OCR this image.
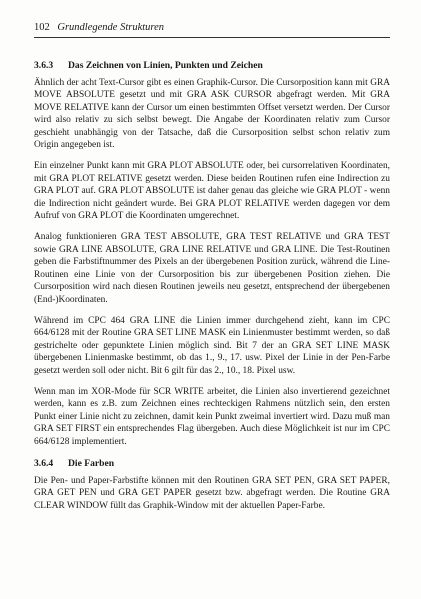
102 Grundlegende Strukturen
3.6.3 Das Zeichnen von Linien, Punkten und Zeichen

Ähnlich der acht Text-Cursor gibt es einen Graphik-Cursor. Die Cursorposition kann mit GRA MOVE ABSOLUTE gesetzt und mit GRA ASK CURSOR abgefragt werden. Mit GRA MOVE RELATIVE kann der Cursor um einen bestimmten Offset versetzt werden. Der Cursor wird also relativ zu sich selbst bewegt. Die Angabe der Koordinaten relativ zum Cursor geschieht unabhängig von der Tatsache, daß die Cursorposition selbst schon relativ zum Origin angegeben ist.

Ein einzelner Punkt kann mit GRA PLOT ABSOLUTE oder, bei cursorrelativen Koordinaten, mit GRA PLOT RELATIVE gesetzt werden. Diese beiden Routinen rufen eine Indirection zu GRA PLOT auf. GRA PLOT ABSOLUTE ist daher genau das gleiche wie GRA PLOT - wenn die Indirection nicht geändert wurde. Bei GRA PLOT RELATIVE werden dagegen vor dem Aufruf von GRA PLOT die Koordinaten umgerechnet.

Analog funktionieren GRA TEST ABSOLUTE, GRA TEST RELATIVE und GRA TEST sowie GRA LINE ABSOLUTE, GRA LINE RELATIVE und GRA LINE. Die Test-Routinen geben die Farbstiftnummer des Pixels an der übergebenen Position zurück, während die Line-Routinen eine Linie von der Cursorposition bis zur übergebenen Position ziehen. Die Cursorposition wird nach diesen Routinen jeweils neu gesetzt, entsprechend der übergebenen (End-)Koordinaten.

Während im CPC 464 GRA LINE die Linien immer durchgehend zieht, kann im CPC 664/6128 mit der Routine GRA SET LINE MASK ein Linienmuster bestimmt werden, so daß gestrichelte oder gepunktete Linien möglich sind. Bit 7 der an GRA SET LINE MASK übergebenen Linienmaske bestimmt, ob das 1., 9., 17. usw. Pixel der Linie in der Pen-Farbe gesetzt werden soll oder nicht. Bit 6 gilt für das 2., 10., 18. Pixel usw.

Wenn man im XOR-Mode für SCR WRITE arbeitet, die Linien also invertierend gezeichnet werden, kann es z.B. zum Zeichnen eines rechteckigen Rahmens nützlich sein, den ersten Punkt einer Linie nicht zu zeichnen, damit kein Punkt zweimal invertiert wird. Dazu muß man GRA SET FIRST ein entsprechendes Flag übergeben. Auch diese Möglichkeit ist nur im CPC 664/6128 implementiert.

3.6.4 Die Farben

Die Pen- und Paper-Farbstifte können mit den Routinen GRA SET PEN, GRA SET PAPER, GRA GET PEN und GRA GET PAPER gesetzt bzw. abgefragt werden. Die Routine GRA CLEAR WINDOW füllt das Graphik-Window mit der aktuellen Paper-Farbe.
